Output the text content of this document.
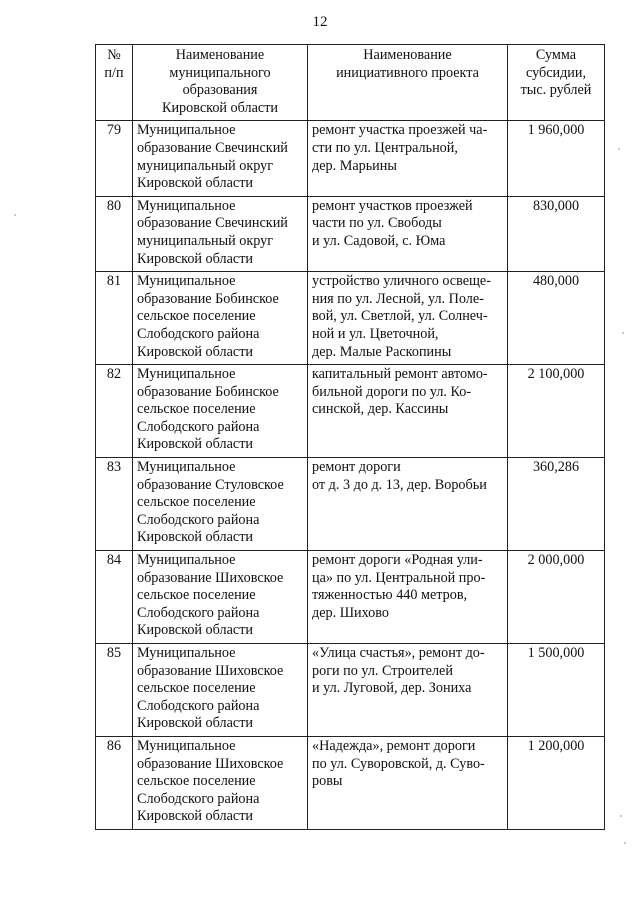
12
№
п/п	Наименование
муниципального
образования
Кировской области	Наименование
инициативного проекта	Сумма
субсидии,
тыс. рублей
79	Муниципальное
образование Свечинский
муниципальный округ
Кировской области	ремонт участка проезжей ча-
сти по ул. Центральной,
дер. Марьины	1 960,000
80	Муниципальное
образование Свечинский
муниципальный округ
Кировской области	ремонт участков проезжей
части по ул. Свободы
и ул. Садовой, с. Юма	830,000
81	Муниципальное
образование Бобинское
сельское поселение
Слободского района
Кировской области	устройство уличного освеще-
ния по ул. Лесной, ул. Поле-
вой, ул. Светлой, ул. Солнеч-
ной и ул. Цветочной,
дер. Малые Раскопины	480,000
82	Муниципальное
образование Бобинское
сельское поселение
Слободского района
Кировской области	капитальный ремонт автомо-
бильной дороги по ул. Ко-
синской, дер. Кассины	2 100,000
83	Муниципальное
образование Стуловское
сельское поселение
Слободского района
Кировской области	ремонт дороги
от д. 3 до д. 13, дер. Воробьи	360,286
84	Муниципальное
образование Шиховское
сельское поселение
Слободского района
Кировской области	ремонт дороги «Родная ули-
ца» по ул. Центральной про-
тяженностью 440 метров,
дер. Шихово	2 000,000
85	Муниципальное
образование Шиховское
сельское поселение
Слободского района
Кировской области	«Улица счастья», ремонт до-
роги по ул. Строителей
и ул. Луговой, дер. Зониха	1 500,000
86	Муниципальное
образование Шиховское
сельское поселение
Слободского района
Кировской области	«Надежда», ремонт дороги
по ул. Суворовской, д. Суво-
ровы	1 200,000
